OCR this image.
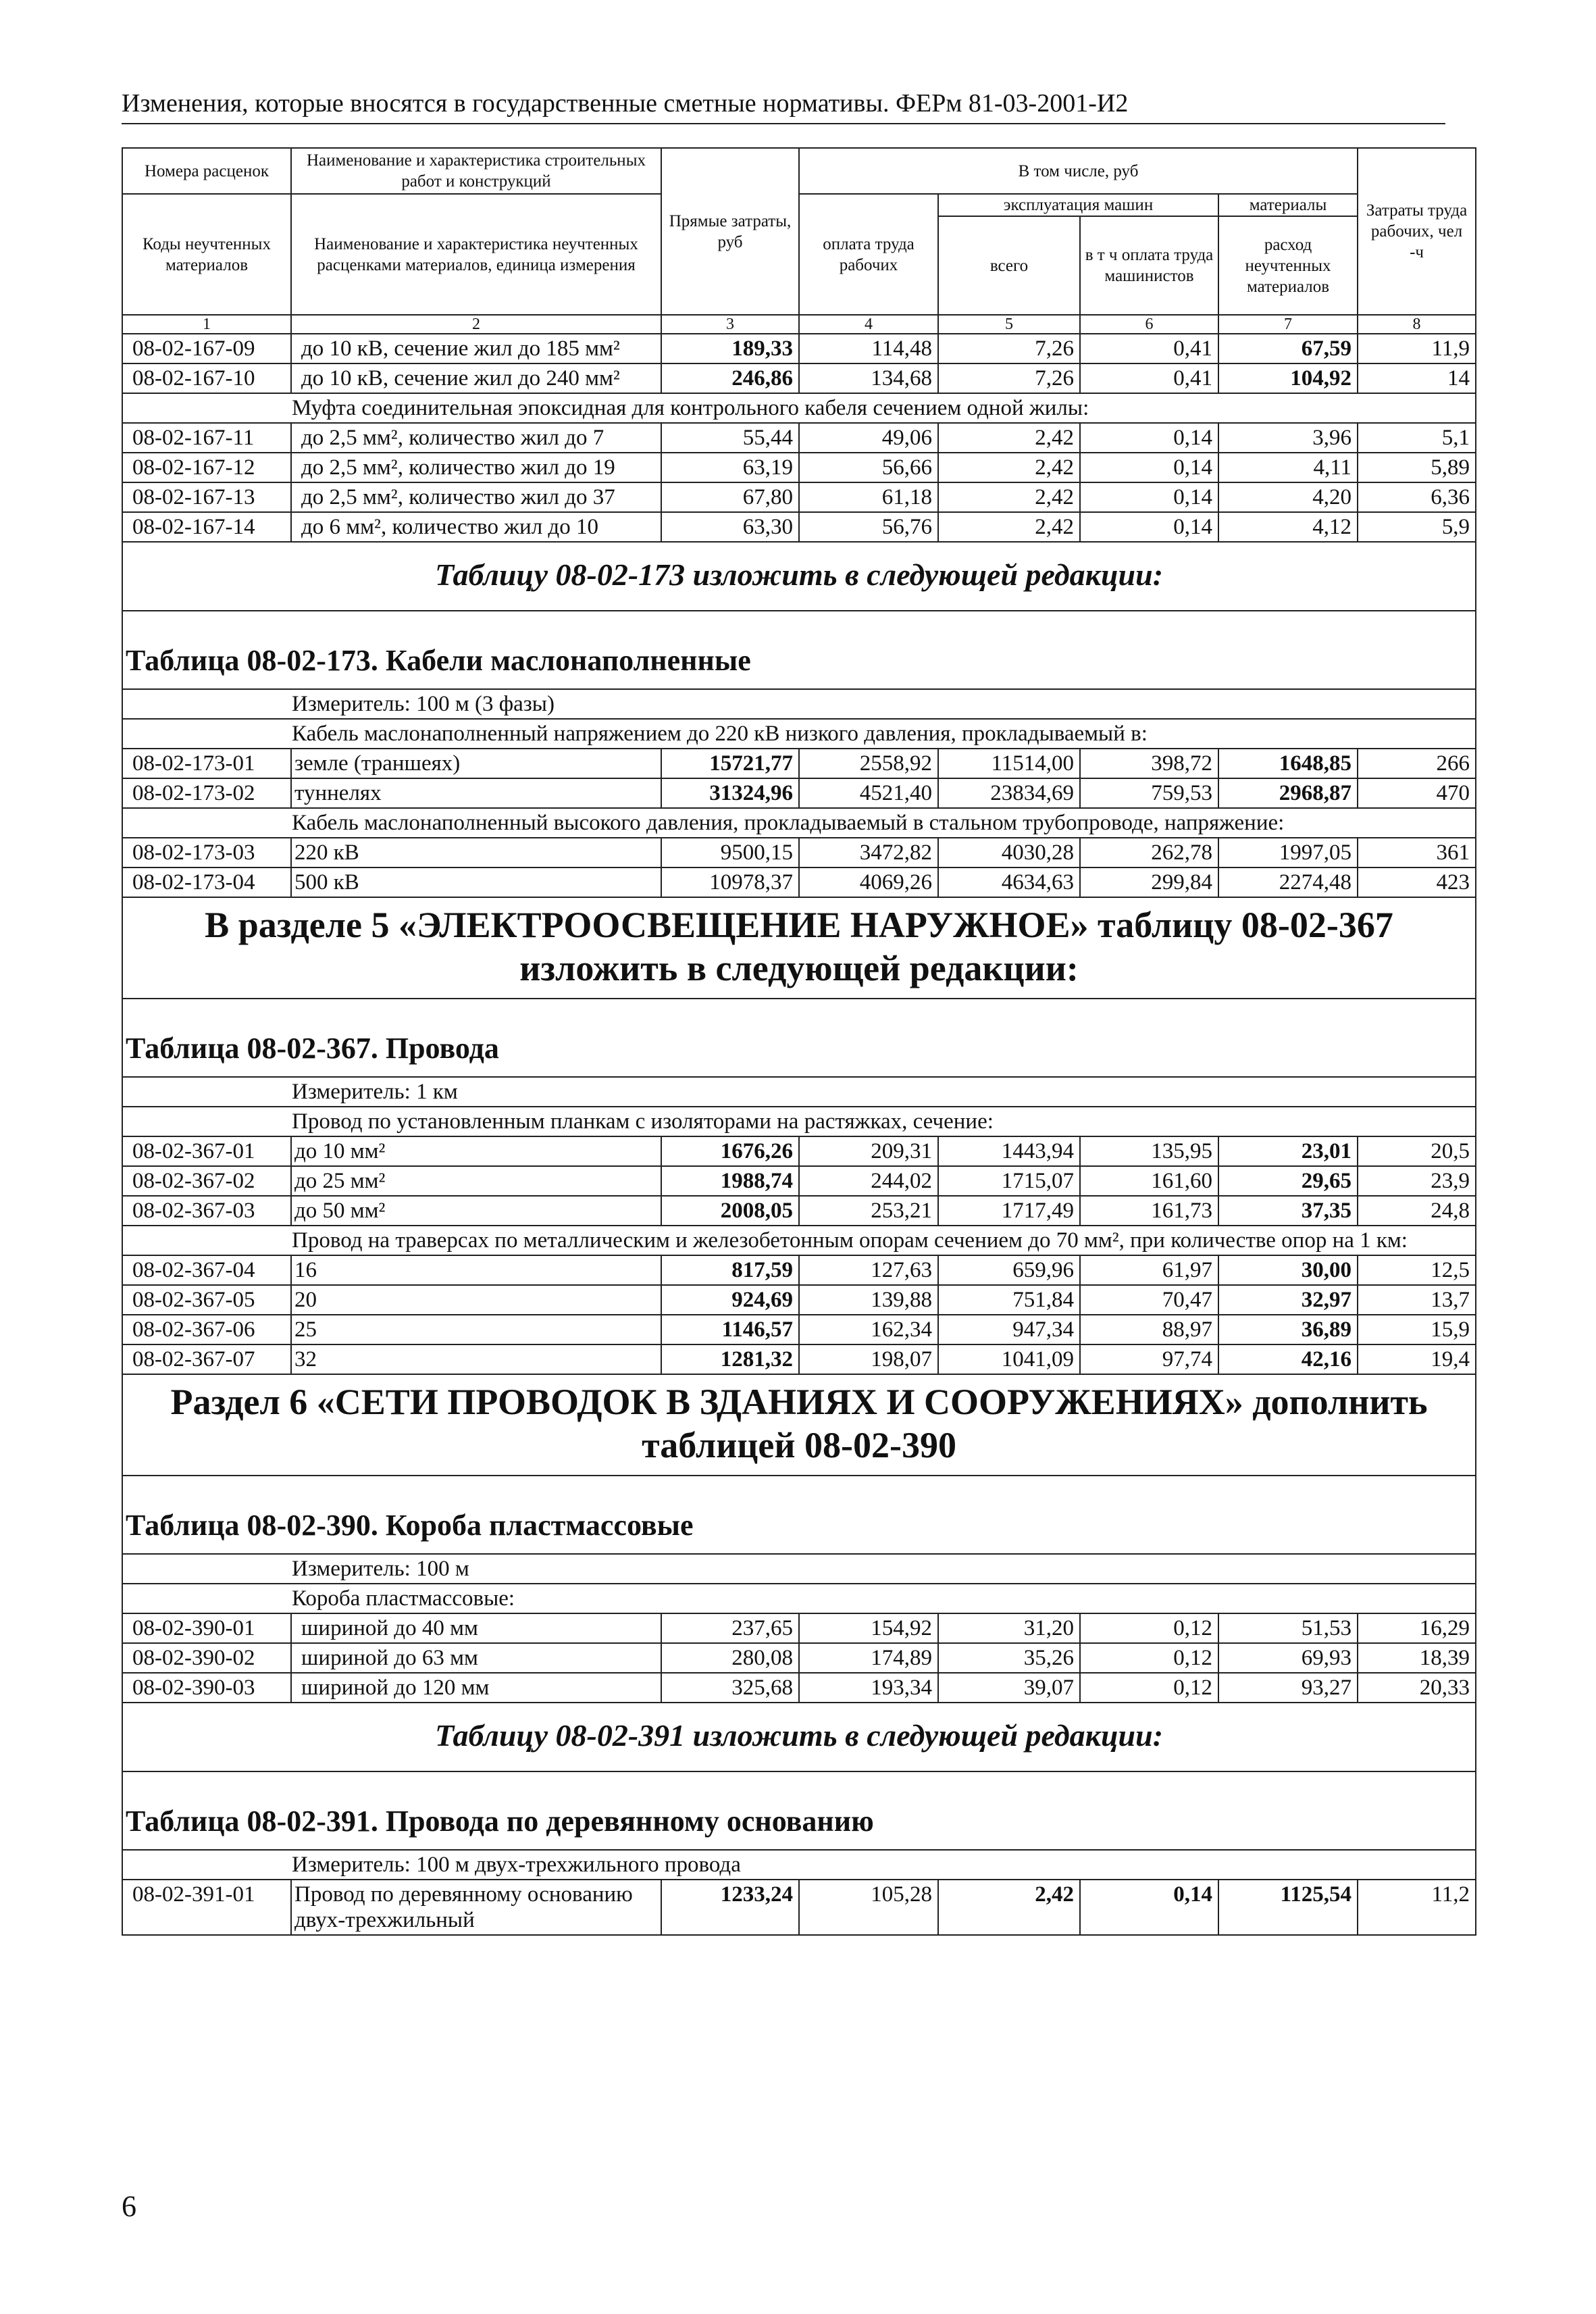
Изменения, которые вносятся в государственные сметные нормативы. ФЕРм 81-03-2001-И2
Номера расценок	Наименование и характеристика строительных работ и конструкций	Прямые затраты, руб	В том числе, руб				Затраты труда рабочих, чел -ч
Коды неучтенных материалов	Наименование и характеристика неучтенных расценками материалов, единица измерения		оплата труда рабочих	эксплуатация машин		материалы	
				всего	в т ч оплата труда машинистов	расход неучтенных материалов	
1	2	3	4	5	6	7	8
08-02-167-09	до 10 кВ, сечение жил до 185 мм²	189,33	114,48	7,26	0,41	67,59	11,9
08-02-167-10	до 10 кВ, сечение жил до 240 мм²	246,86	134,68	7,26	0,41	104,92	14
Муфта соединительная эпоксидная для контрольного кабеля сечением одной жилы:							
08-02-167-11	до 2,5 мм², количество жил до 7	55,44	49,06	2,42	0,14	3,96	5,1
08-02-167-12	до 2,5 мм², количество жил до 19	63,19	56,66	2,42	0,14	4,11	5,89
08-02-167-13	до 2,5 мм², количество жил до 37	67,80	61,18	2,42	0,14	4,20	6,36
08-02-167-14	до 6 мм², количество жил до 10	63,30	56,76	2,42	0,14	4,12	5,9
Таблицу 08-02-173 изложить в следующей редакции:							
Таблица 08-02-173. Кабели маслонаполненные							
Измеритель: 100 м (3 фазы)							
Кабель маслонаполненный напряжением до 220 кВ низкого давления, прокладываемый в:							
08-02-173-01	земле (траншеях)	15721,77	2558,92	11514,00	398,72	1648,85	266
08-02-173-02	туннелях	31324,96	4521,40	23834,69	759,53	2968,87	470
Кабель маслонаполненный высокого давления, прокладываемый в стальном трубопроводе, напряжение:							
08-02-173-03	220 кВ	9500,15	3472,82	4030,28	262,78	1997,05	361
08-02-173-04	500 кВ	10978,37	4069,26	4634,63	299,84	2274,48	423
В разделе 5 «ЭЛЕКТРООСВЕЩЕНИЕ НАРУЖНОЕ» таблицу 08-02-367 изложить в следующей редакции:							
Таблица 08-02-367. Провода							
Измеритель: 1 км							
Провод по установленным планкам с изоляторами на растяжках, сечение:							
08-02-367-01	до 10 мм²	1676,26	209,31	1443,94	135,95	23,01	20,5
08-02-367-02	до 25 мм²	1988,74	244,02	1715,07	161,60	29,65	23,9
08-02-367-03	до 50 мм²	2008,05	253,21	1717,49	161,73	37,35	24,8
Провод на траверсах по металлическим и железобетонным опорам сечением до 70 мм², при количестве опор на 1 км:							
08-02-367-04	16	817,59	127,63	659,96	61,97	30,00	12,5
08-02-367-05	20	924,69	139,88	751,84	70,47	32,97	13,7
08-02-367-06	25	1146,57	162,34	947,34	88,97	36,89	15,9
08-02-367-07	32	1281,32	198,07	1041,09	97,74	42,16	19,4
Раздел 6 «СЕТИ ПРОВОДОК В ЗДАНИЯХ И СООРУЖЕНИЯХ» дополнить таблицей 08-02-390							
Таблица 08-02-390. Короба пластмассовые							
Измеритель: 100 м							
Короба пластмассовые:							
08-02-390-01	шириной до 40 мм	237,65	154,92	31,20	0,12	51,53	16,29
08-02-390-02	шириной до 63 мм	280,08	174,89	35,26	0,12	69,93	18,39
08-02-390-03	шириной до 120 мм	325,68	193,34	39,07	0,12	93,27	20,33
Таблицу 08-02-391 изложить в следующей редакции:							
Таблица 08-02-391. Провода по деревянному основанию							
Измеритель: 100 м двух-трехжильного провода							
08-02-391-01	Провод по деревянному основанию двух-трехжильный	1233,24	105,28	2,42	0,14	1125,54	11,2
6
